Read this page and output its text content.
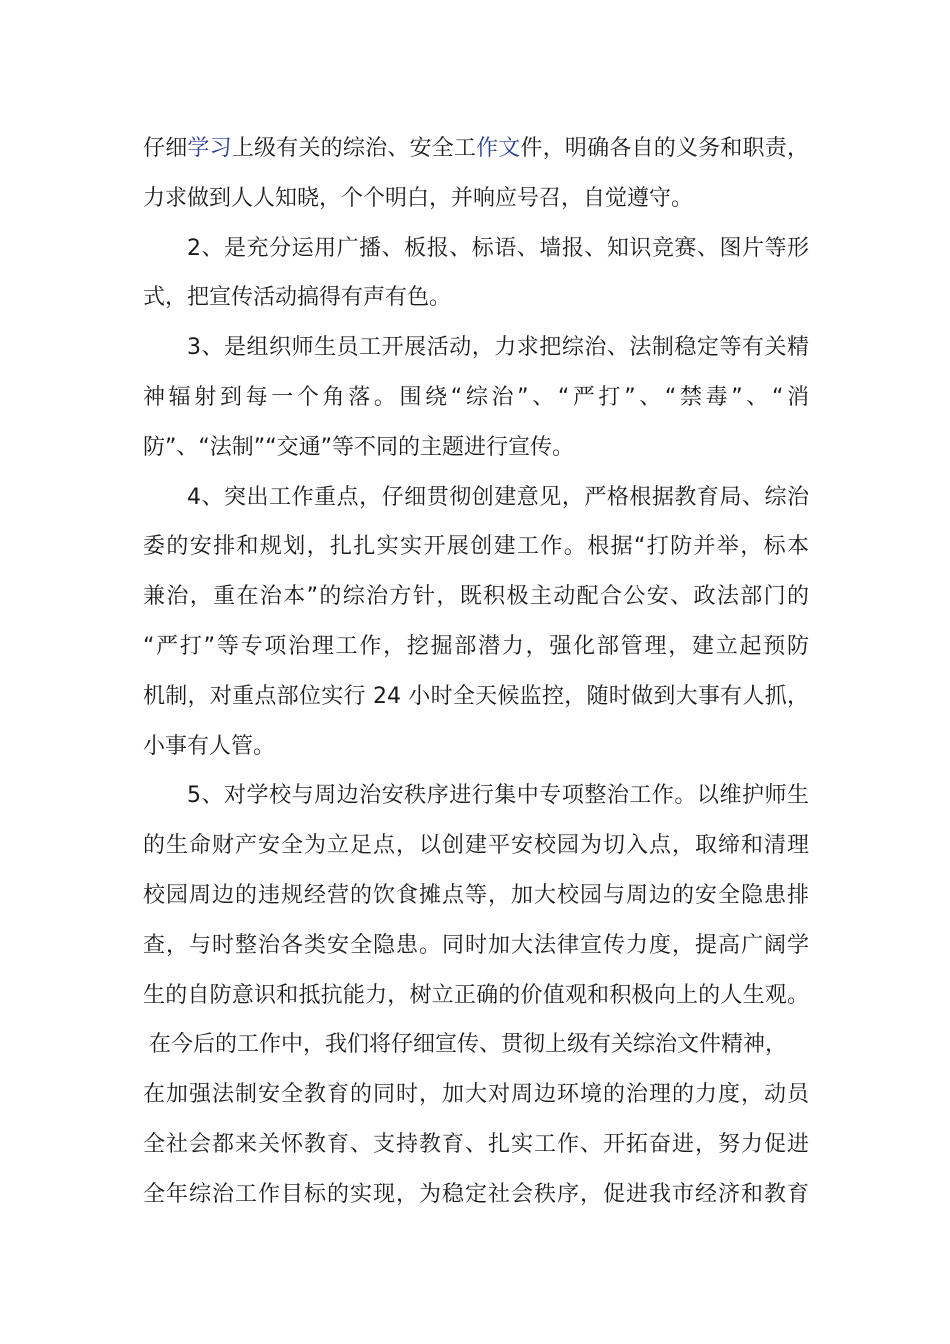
仔细学习上级有关的综治、安全工作文件，明确各自的义务和职责，
力求做到人人知晓，个个明白，并响应号召，自觉遵守。
2、是充分运用广播、板报、标语、墙报、知识竞赛、图片等形
式，把宣传活动搞得有声有色。
3、是组织师生员工开展活动，力求把综治、法制稳定等有关精
神辐射到每一个角落。围绕“综治”、“严打”、“禁毒”、“消
防”、“法制”“交通”等不同的主题进行宣传。
4、突出工作重点，仔细贯彻创建意见，严格根据教育局、综治
委的安排和规划，扎扎实实开展创建工作。根据“打防并举，标本
兼治，重在治本”的综治方针，既积极主动配合公安、政法部门的
“严打”等专项治理工作，挖掘部潜力，强化部管理，建立起预防
机制，对重点部位实行 24 小时全天候监控，随时做到大事有人抓，
小事有人管。
5、对学校与周边治安秩序进行集中专项整治工作。以维护师生
的生命财产安全为立足点，以创建平安校园为切入点，取缔和清理
校园周边的违规经营的饮食摊点等，加大校园与周边的安全隐患排
查，与时整治各类安全隐患。同时加大法律宣传力度，提高广阔学
生的自防意识和抵抗能力，树立正确的价值观和积极向上的人生观。
在今后的工作中，我们将仔细宣传、贯彻上级有关综治文件精神，
在加强法制安全教育的同时，加大对周边环境的治理的力度，动员
全社会都来关怀教育、支持教育、扎实工作、开拓奋进，努力促进
全年综治工作目标的实现，为稳定社会秩序，促进我市经济和教育
